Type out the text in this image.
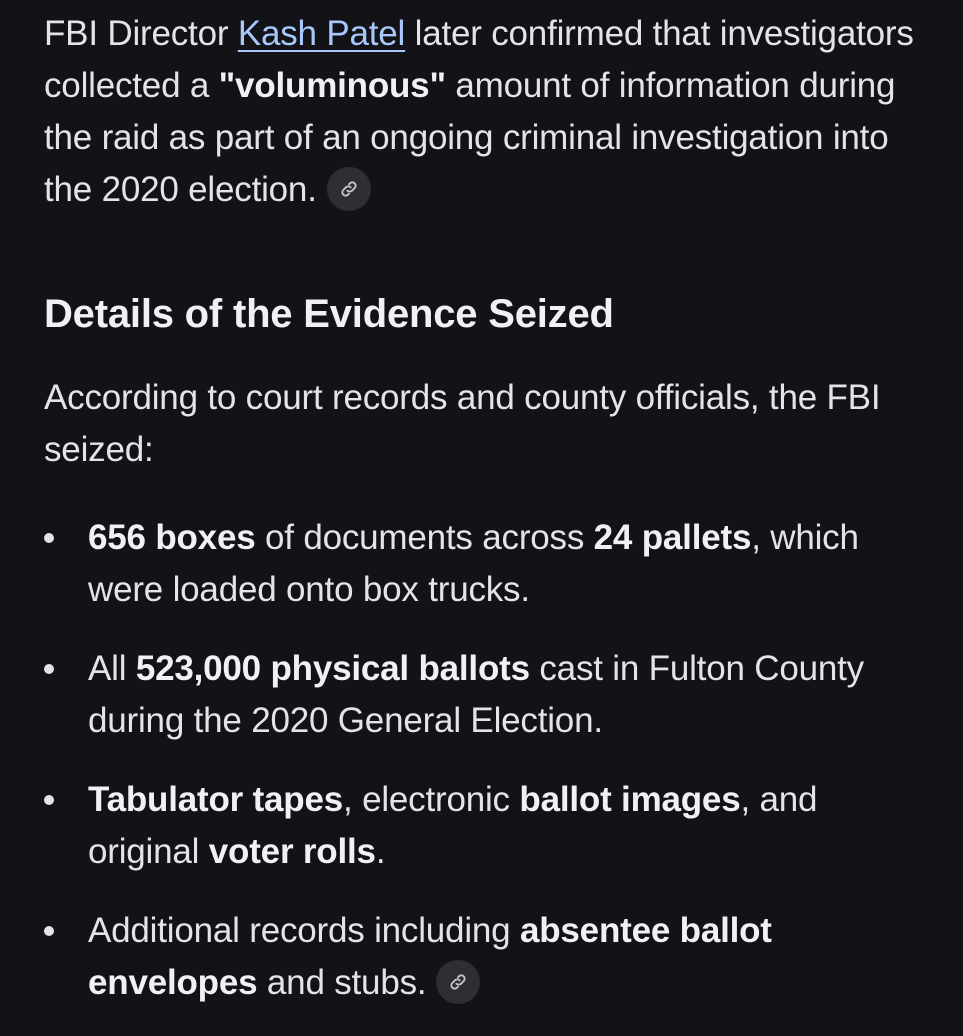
FBI Director Kash Patel later confirmed that investigators collected a "voluminous" amount of information during the raid as part of an ongoing criminal investigation into the 2020 election.

Details of the Evidence Seized

According to court records and county officials, the FBI seized:

656 boxes of documents across 24 pallets, which were loaded onto box trucks.
All 523,000 physical ballots cast in Fulton County during the 2020 General Election.
Tabulator tapes, electronic ballot images, and original voter rolls.
Additional records including absentee ballot envelopes and stubs.
